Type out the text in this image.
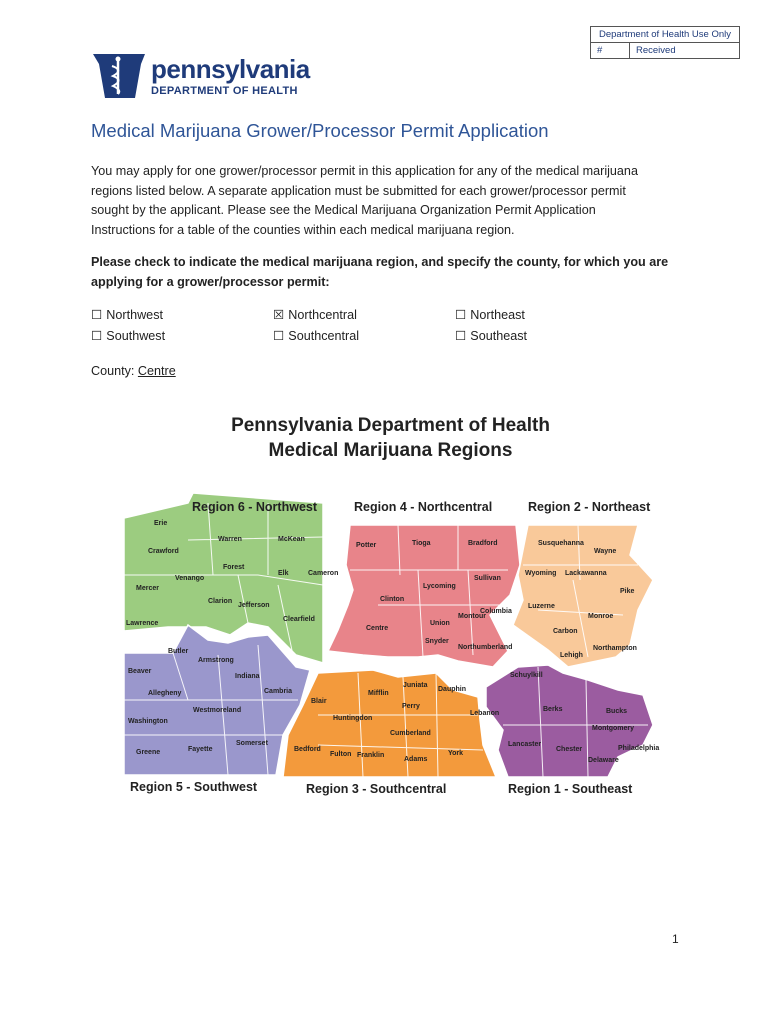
Department of Health Use Only
#	Received
pennsylvania
DEPARTMENT OF HEALTH
Medical Marijuana Grower/Processor Permit Application
You may apply for one grower/processor permit in this application for any of the medical marijuana regions listed below. A separate application must be submitted for each grower/processor permit sought by the applicant. Please see the Medical Marijuana Organization Permit Application Instructions for a table of the counties within each medical marijuana region.
Please check to indicate the medical marijuana region, and specify the county, for which you are applying for a grower/processor permit:
☐ Northwest	☒ Northcentral	☐ Northeast
☐ Southwest	☐ Southcentral	☐ Southeast
County: Centre
Pennsylvania Department of Health
Medical Marijuana Regions
Region 6 - Northwest	Region 4 - Northcentral	Region 2 - Northeast
Region 5 - Southwest	Region 3 - Southcentral	Region 1 - Southeast
Erie
Warren	McKean
Crawford
Forest
Elk	Cameron
Venango
Mercer
Clarion
Jefferson
Lawrence
Clearfield
Potter	Tioga	Bradford
Sullivan
Lycoming
Clinton
Columbia
Montour
Centre
Union
Snyder
Northumberland
Susquehanna
Wayne
Wyoming Lackawanna
Pike
Luzerne
Monroe
Carbon
Lehigh
Northampton
Butler
Armstrong
Beaver
Indiana
Allegheny	Cambria
Westmoreland
Washington
Somerset
Greene	Fayette
Juniata
Mifflin
Dauphin
Blair
Perry
Lebanon
Huntingdon
Cumberland
Bedford
Fulton Franklin
Adams
York
Schuylkill
Berks	Bucks
Montgomery
Lancaster
Chester	Philadelphia
Delaware
1
